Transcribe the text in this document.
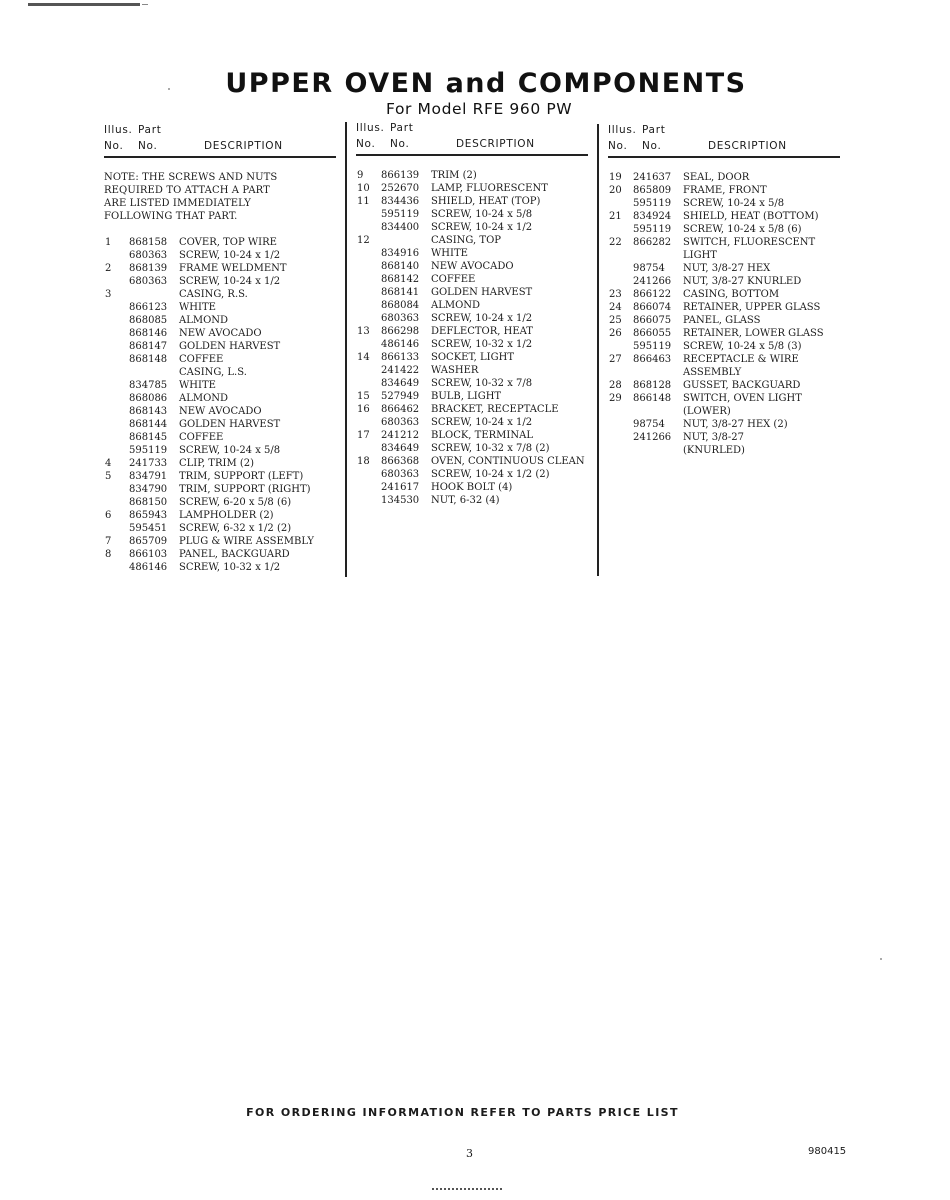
UPPER OVEN and COMPONENTS
For Model RFE 960 PW
Illus. Part
No. No.	DESCRIPTION
NOTE: THE SCREWS AND NUTS
REQUIRED TO ATTACH A PART
ARE LISTED IMMEDIATELY
FOLLOWING THAT PART.
1 868158 COVER, TOP WIRE
680363 SCREW, 10-24 x 1/2
2 868139 FRAME WELDMENT
680363 SCREW, 10-24 x 1/2
3	CASING, R.S.
866123 WHITE
868085 ALMOND
868146 NEW AVOCADO
868147 GOLDEN HARVEST
868148 COFFEE
CASING, L.S.
834785 WHITE
868086 ALMOND
868143 NEW AVOCADO
868144 GOLDEN HARVEST
868145 COFFEE
595119 SCREW, 10-24 x 5/8
4 241733 CLIP, TRIM (2)
5 834791 TRIM, SUPPORT (LEFT)
834790 TRIM, SUPPORT (RIGHT)
868150 SCREW, 6-20 x 5/8 (6)
6 865943 LAMPHOLDER (2)
595451 SCREW, 6-32 x 1/2 (2)
7 865709 PLUG & WIRE ASSEMBLY
8 866103 PANEL, BACKGUARD
486146 SCREW, 10-32 x 1/2
Illus. Part
No. No.	DESCRIPTION
9 866139 TRIM (2)
10 252670 LAMP, FLUORESCENT
11 834436 SHIELD, HEAT (TOP)
595119 SCREW, 10-24 x 5/8
834400 SCREW, 10-24 x 1/2
12	CASING, TOP
834916 WHITE
868140 NEW AVOCADO
868142 COFFEE
868141 GOLDEN HARVEST
868084 ALMOND
680363 SCREW, 10-24 x 1/2
13 866298 DEFLECTOR, HEAT
486146 SCREW, 10-32 x 1/2
14 866133 SOCKET, LIGHT
241422 WASHER
834649 SCREW, 10-32 x 7/8
15 527949 BULB, LIGHT
16 866462 BRACKET, RECEPTACLE
680363 SCREW, 10-24 x 1/2
17 241212 BLOCK, TERMINAL
834649 SCREW, 10-32 x 7/8 (2)
18 866368 OVEN, CONTINUOUS CLEAN
680363 SCREW, 10-24 x 1/2 (2)
241617 HOOK BOLT (4)
134530 NUT, 6-32 (4)
Illus. Part
No. No.	DESCRIPTION
19 241637 SEAL, DOOR
20 865809 FRAME, FRONT
595119 SCREW, 10-24 x 5/8
21 834924 SHIELD, HEAT (BOTTOM)
595119 SCREW, 10-24 x 5/8 (6)
22 866282 SWITCH, FLUORESCENT
LIGHT
98754 NUT, 3/8-27 HEX
241266 NUT, 3/8-27 KNURLED
23 866122 CASING, BOTTOM
24 866074 RETAINER, UPPER GLASS
25 866075 PANEL, GLASS
26 866055 RETAINER, LOWER GLASS
595119 SCREW, 10-24 x 5/8 (3)
27 866463 RECEPTACLE & WIRE
ASSEMBLY
28 868128 GUSSET, BACKGUARD
29 866148 SWITCH, OVEN LIGHT
(LOWER)
98754 NUT, 3/8-27 HEX (2)
241266 NUT, 3/8-27
(KNURLED)
FOR ORDERING INFORMATION REFER TO PARTS PRICE LIST
3	980415
